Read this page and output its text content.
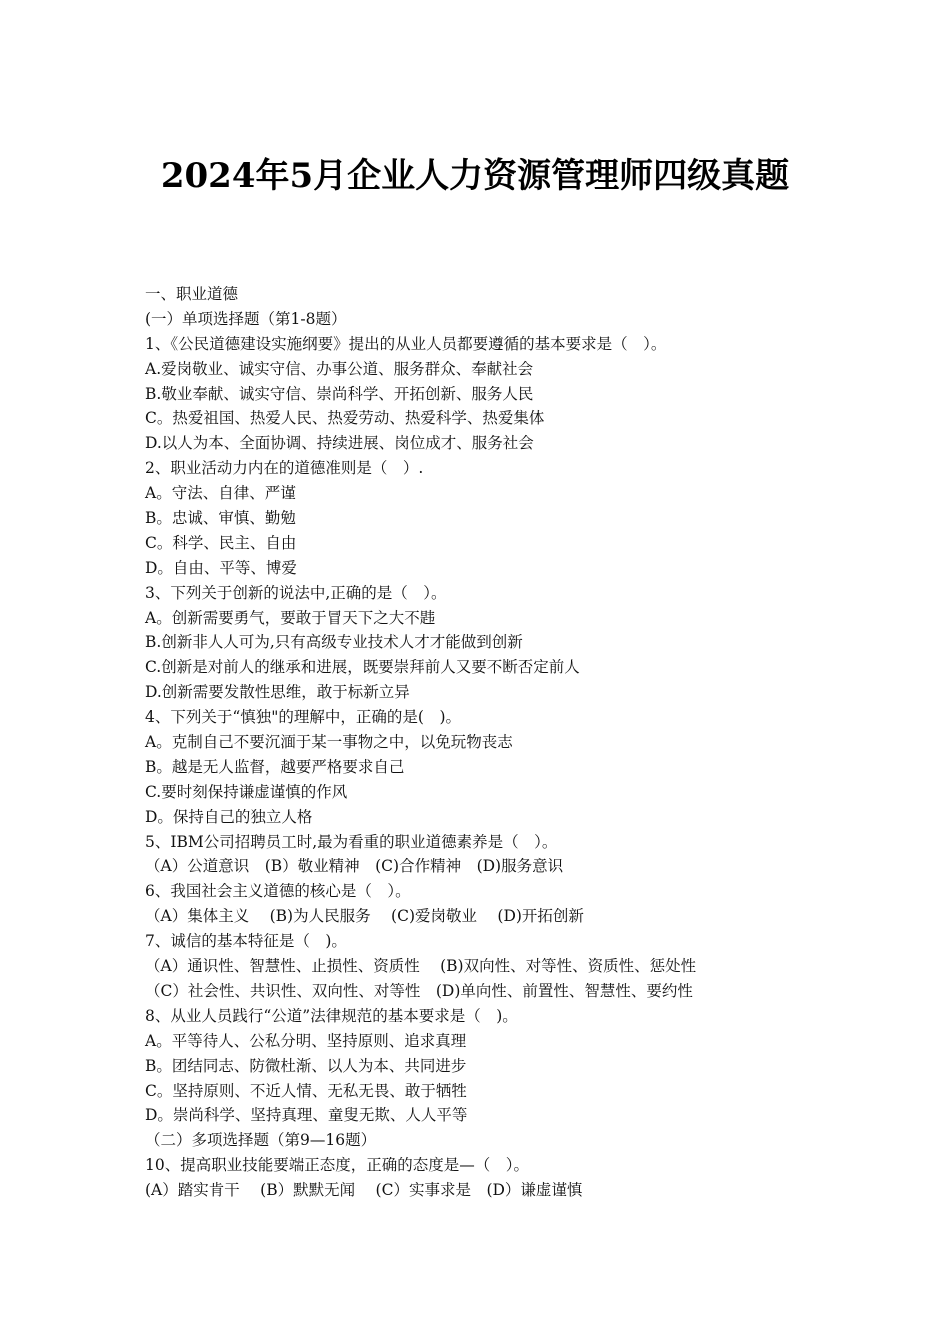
2024年5月企业人力资源管理师四级真题
一、职业道德
(一）单项选择题（第1-8题）
1、《公民道德建设实施纲要》提出的从业人员都要遵循的基本要求是（　）。
A.爱岗敬业、诚实守信、办事公道、服务群众、奉献社会
B.敬业奉献、诚实守信、崇尚科学、开拓创新、服务人民
C。热爱祖国、热爱人民、热爱劳动、热爱科学、热爱集体
D.以人为本、全面协调、持续进展、岗位成才、服务社会
2、职业活动力内在的道德准则是（　）.
A。守法、自律、严谨
B。忠诚、审慎、勤勉
C。科学、民主、自由
D。自由、平等、博爱
3、下列关于创新的说法中,正确的是（　）。
A。创新需要勇气，要敢于冒天下之大不韪
B.创新非人人可为,只有高级专业技术人才才能做到创新
C.创新是对前人的继承和进展，既要崇拜前人又要不断否定前人
D.创新需要发散性思维，敢于标新立异
4、下列关于“慎独"的理解中，正确的是(　)。
A。克制自己不要沉湎于某一事物之中，以免玩物丧志
B。越是无人监督，越要严格要求自己
C.要时刻保持谦虚谨慎的作风
D。保持自己的独立人格
5、IBM公司招聘员工时,最为看重的职业道德素养是（　）。
（A）公道意识　(B）敬业精神　(C)合作精神　(D)服务意识
6、我国社会主义道德的核心是（　）。
（A）集体主义　 (B)为人民服务　 (C)爱岗敬业　 (D)开拓创新
7、诚信的基本特征是（　)。
（A）通识性、智慧性、止损性、资质性　 (B)双向性、对等性、资质性、惩处性
（C）社会性、共识性、双向性、对等性　(D)单向性、前置性、智慧性、要约性
8、从业人员践行“公道”法律规范的基本要求是（　)。
A。平等待人、公私分明、坚持原则、追求真理
B。团结同志、防微杜渐、以人为本、共同进步
C。坚持原则、不近人情、无私无畏、敢于牺牲
D。崇尚科学、坚持真理、童叟无欺、人人平等
（二）多项选择题（第9—16题）
10、提高职业技能要端正态度，正确的态度是—（　）。
(A）踏实肯干　 (B）默默无闻　 (C）实事求是　(D）谦虚谨慎
